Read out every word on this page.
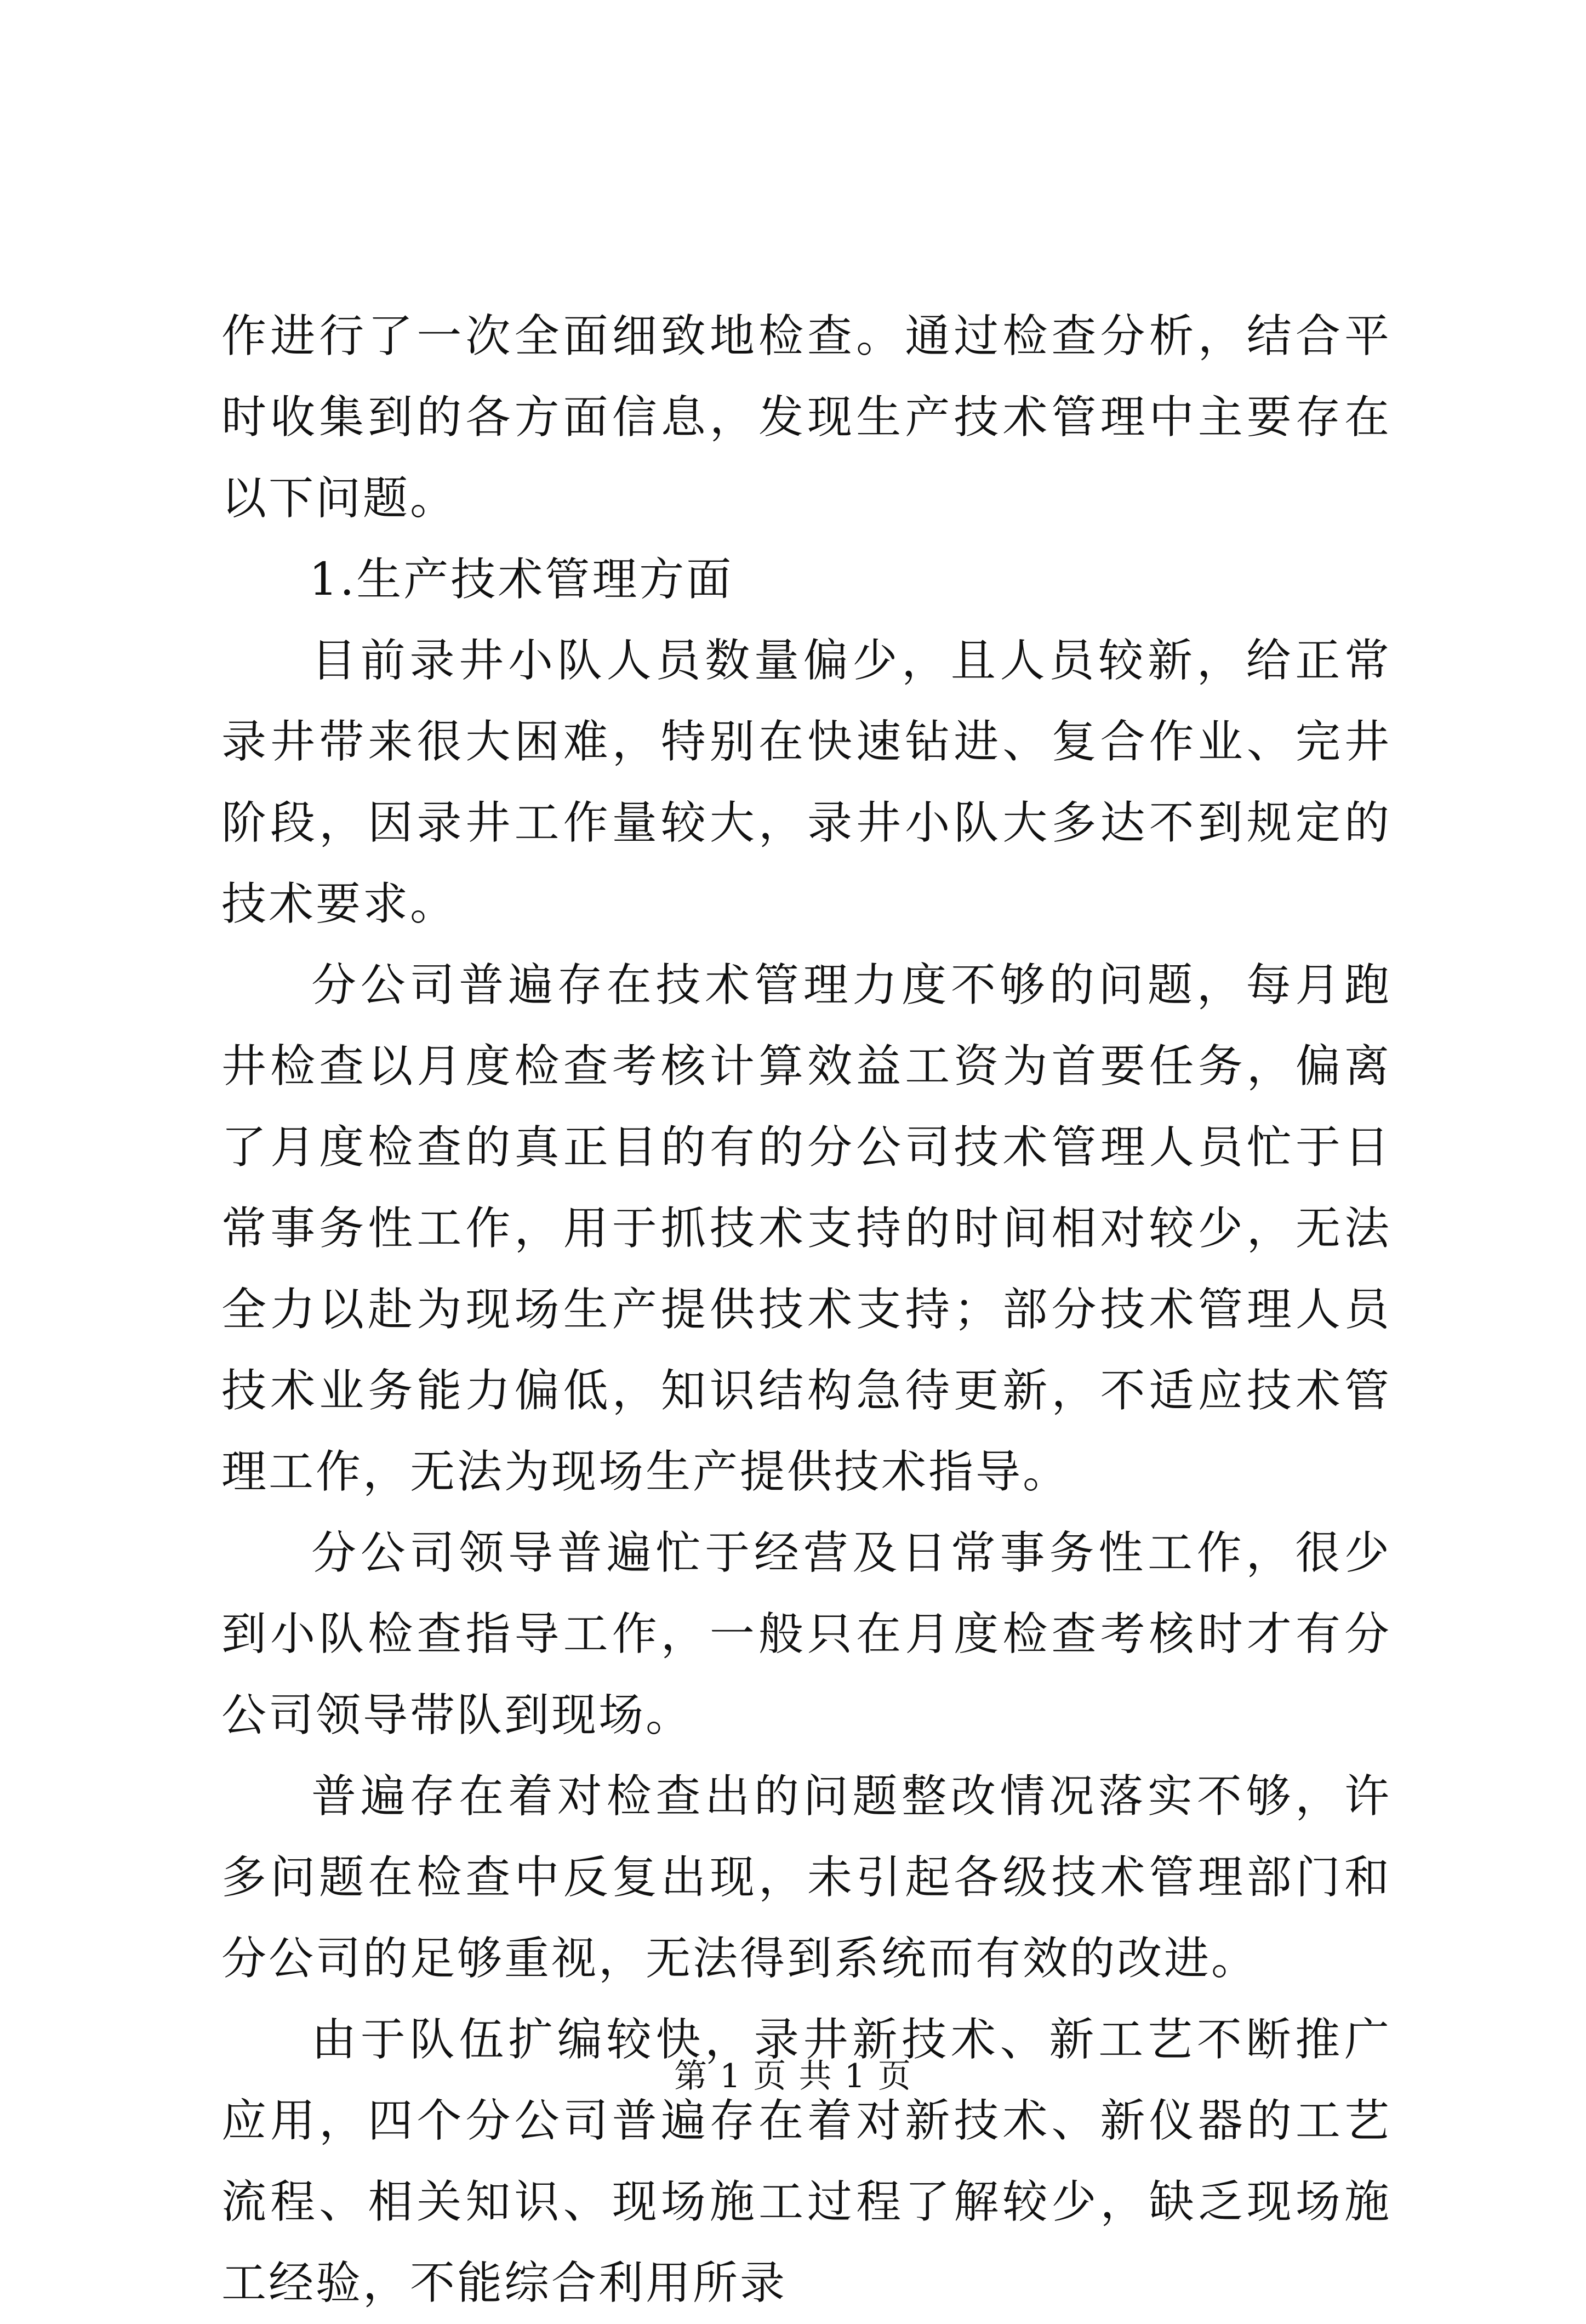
作进行了一次全面细致地检查。通过检查分析，结合平时收集到的各方面信息，发现生产技术管理中主要存在以下问题。

1.生产技术管理方面

目前录井小队人员数量偏少，且人员较新，给正常录井带来很大困难，特别在快速钻进、复合作业、完井阶段，因录井工作量较大，录井小队大多达不到规定的技术要求。

分公司普遍存在技术管理力度不够的问题，每月跑井检查以月度检查考核计算效益工资为首要任务，偏离了月度检查的真正目的有的分公司技术管理人员忙于日常事务性工作，用于抓技术支持的时间相对较少，无法全力以赴为现场生产提供技术支持；部分技术管理人员技术业务能力偏低，知识结构急待更新，不适应技术管理工作，无法为现场生产提供技术指导。

分公司领导普遍忙于经营及日常事务性工作，很少到小队检查指导工作，一般只在月度检查考核时才有分公司领导带队到现场。

普遍存在着对检查出的问题整改情况落实不够，许多问题在检查中反复出现，未引起各级技术管理部门和分公司的足够重视，无法得到系统而有效的改进。

由于队伍扩编较快，录井新技术、新工艺不断推广应用，四个分公司普遍存在着对新技术、新仪器的工艺流程、相关知识、现场施工过程了解较少，缺乏现场施工经验，不能综合利用所录

第 1 页 共 1 页
